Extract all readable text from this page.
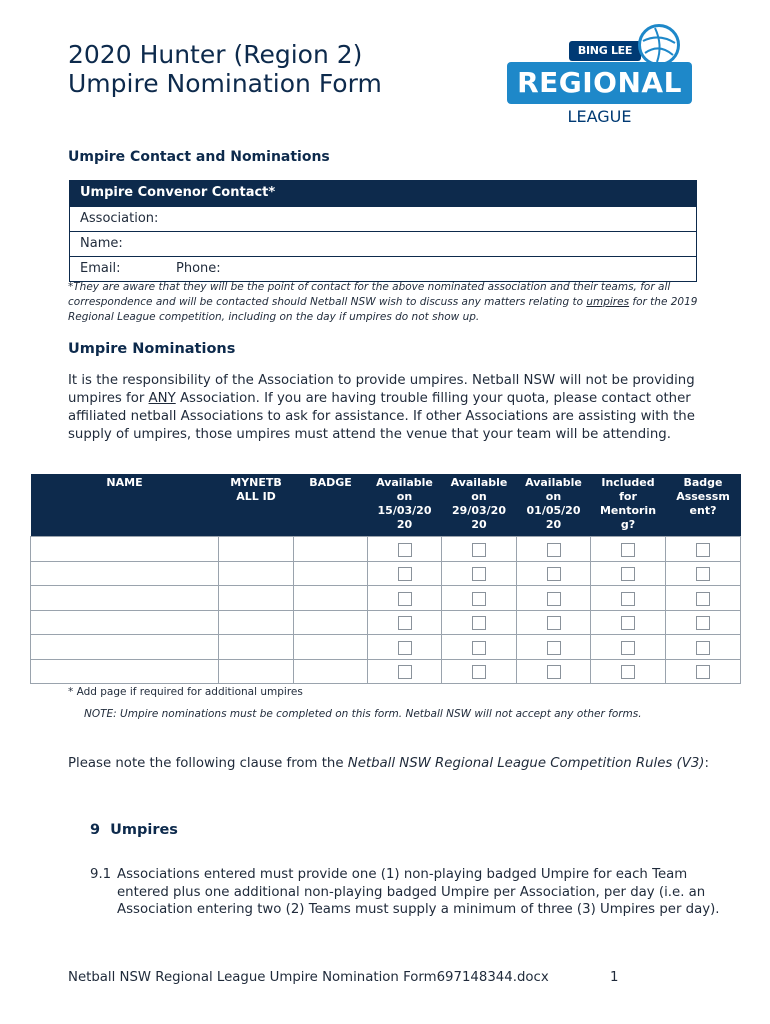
2020 Hunter (Region 2)
Umpire Nomination Form
BING LEE
REGIONAL
LEAGUE
Umpire Contact and Nominations
Umpire Convenor Contact*
Association:
Name:
Email:	Phone:
*They are aware that they will be the point of contact for the above nominated association and their teams, for all correspondence and will be contacted should Netball NSW wish to discuss any matters relating to umpires for the 2019 Regional League competition, including on the day if umpires do not show up.
Umpire Nominations
It is the responsibility of the Association to provide umpires. Netball NSW will not be providing umpires for ANY Association. If you are having trouble filling your quota, please contact other affiliated netball Associations to ask for assistance. If other Associations are assisting with the supply of umpires, those umpires must attend the venue that your team will be attending.
NAME	MYNETB ALL ID	BADGE	Available on 15/03/20 20	Available on 29/03/20 20	Available on 01/05/20 20	Included for Mentorin g?	Badge Assessm ent?

* Add page if required for additional umpires
NOTE: Umpire nominations must be completed on this form. Netball NSW will not accept any other forms.
Please note the following clause from the Netball NSW Regional League Competition Rules (V3):
9 Umpires
9.1 Associations entered must provide one (1) non-playing badged Umpire for each Team entered plus one additional non-playing badged Umpire per Association, per day (i.e. an Association entering two (2) Teams must supply a minimum of three (3) Umpires per day).
Netball NSW Regional League Umpire Nomination Form697148344.docx	1
